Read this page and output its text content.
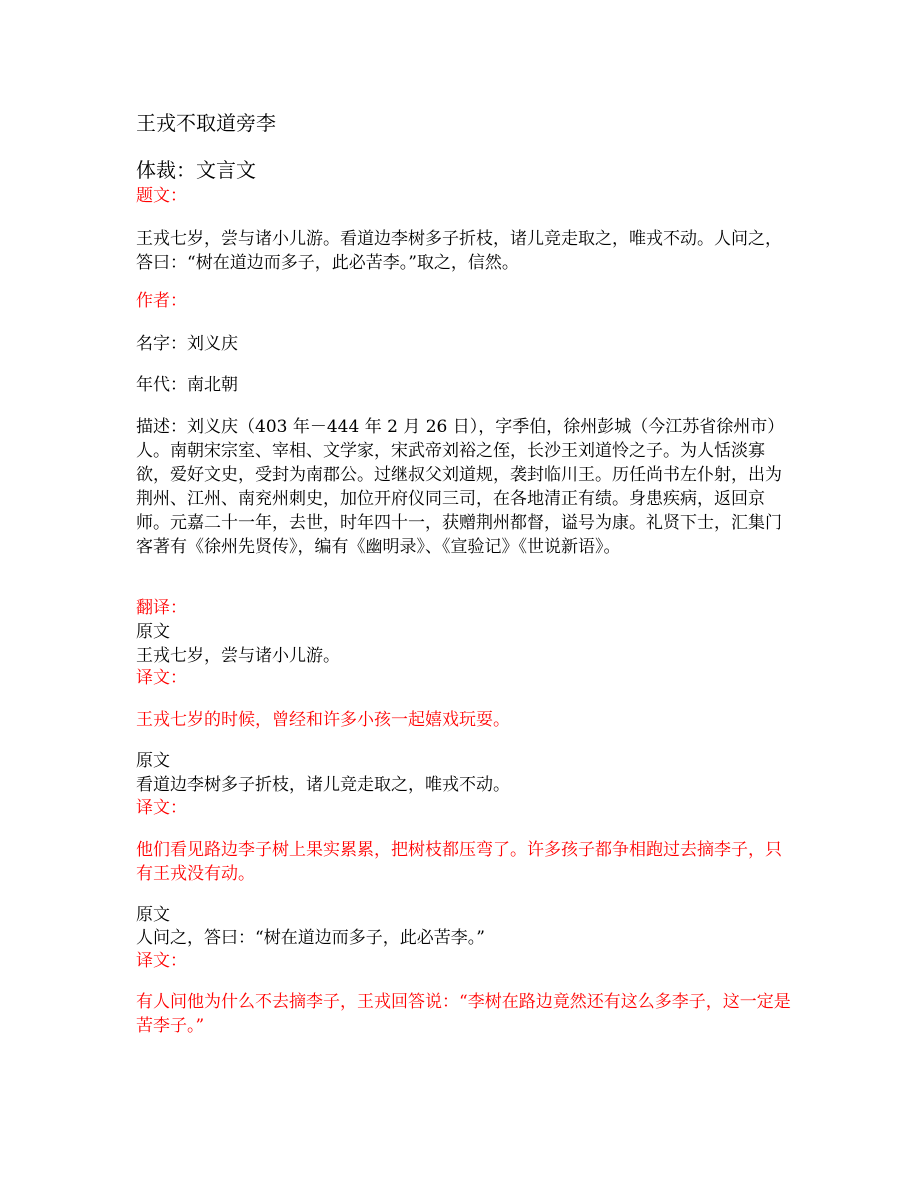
王戎不取道旁李
体裁：文言文
题文：
王戎七岁，尝与诸小儿游。看道边李树多子折枝，诸儿竞走取之，唯戎不动。人问之，答曰：“树在道边而多子，此必苦李。”取之，信然。
作者：
名字：刘义庆
年代：南北朝
描述：刘义庆（403 年－444 年 2 月 26 日），字季伯，徐州彭城（今江苏省徐州市）人。南朝宋宗室、宰相、文学家，宋武帝刘裕之侄，长沙王刘道怜之子。为人恬淡寡欲，爱好文史，受封为南郡公。过继叔父刘道规，袭封临川王。历任尚书左仆射，出为荆州、江州、南兖州刺史，加位开府仪同三司，在各地清正有绩。身患疾病，返回京师。元嘉二十一年，去世，时年四十一，获赠荆州都督，谥号为康。礼贤下士，汇集门客著有《徐州先贤传》，编有《幽明录》、《宣验记》《世说新语》。
翻译：
原文
王戎七岁，尝与诸小儿游。
译文：
王戎七岁的时候，曾经和许多小孩一起嬉戏玩耍。
原文
看道边李树多子折枝，诸儿竞走取之，唯戎不动。
译文：
他们看见路边李子树上果实累累，把树枝都压弯了。许多孩子都争相跑过去摘李子，只有王戎没有动。
原文
人问之，答曰：“树在道边而多子，此必苦李。”
译文：
有人问他为什么不去摘李子，王戎回答说：“李树在路边竟然还有这么多李子，这一定是苦李子。”
